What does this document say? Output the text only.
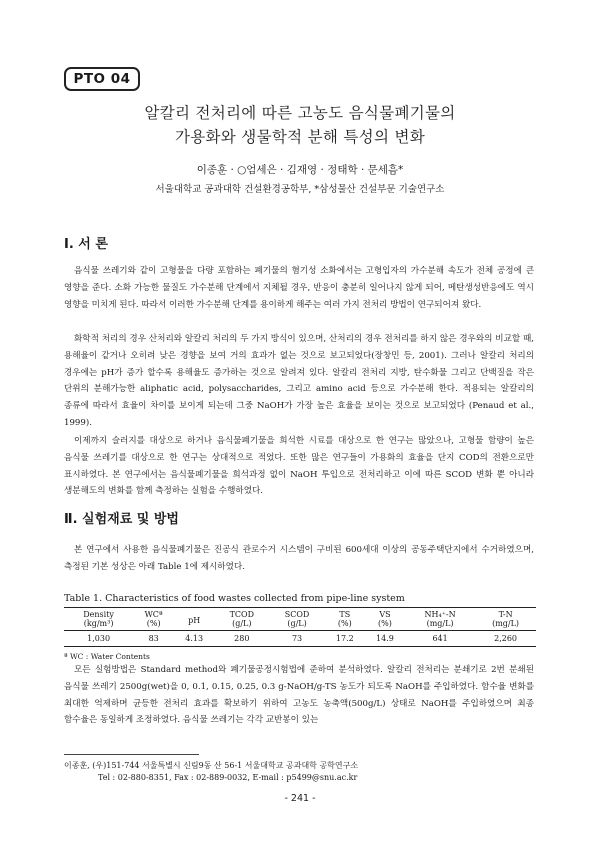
PTO 04
알칼리 전처리에 따른 고농도 음식물폐기물의
가용화와 생물학적 분해 특성의 변화
이종훈 · ○엄세은 · 김재영 · 정태학 · 문세흠*
서울대학교 공과대학 건설환경공학부, *삼성물산 건설부문 기술연구소
Ⅰ. 서 론

음식물 쓰레기와 같이 고형물을 다량 포함하는 폐기물의 혐기성 소화에서는 고형입자의 가수분해 속도가 전체 공정에 큰 영향을 준다. 소화 가능한 물질도 가수분해 단계에서 지체될 경우, 반응이 충분히 일어나지 않게 되어, 메탄생성반응에도 역시 영향을 미치게 된다. 따라서 이러한 가수분해 단계를 용이하게 해주는 여러 가지 전처리 방법이 연구되어져 왔다.

화학적 처리의 경우 산처리와 알칼리 처리의 두 가지 방식이 있으며, 산처리의 경우 전처리를 하지 않은 경우와의 비교할 때, 용해율이 같거나 오히려 낮은 경향을 보여 거의 효과가 없는 것으로 보고되었다(장창민 등, 2001). 그러나 알칼리 처리의 경우에는 pH가 증가 할수록 용해율도 증가하는 것으로 알려져 있다. 알칼리 전처리 지방, 탄수화물 그리고 단백질을 작은 단위의 분해가능한 aliphatic acid, polysaccharides, 그리고 amino acid 등으로 가수분해 한다. 적용되는 알칼리의 종류에 따라서 효율이 차이를 보이게 되는데 그중 NaOH가 가장 높은 효율을 보이는 것으로 보고되었다 (Penaud et al., 1999).

이제까지 슬러지를 대상으로 하거나 음식물폐기물을 희석한 시료를 대상으로 한 연구는 많았으나, 고형물 함량이 높은 음식물 쓰레기를 대상으로 한 연구는 상대적으로 적었다. 또한 많은 연구들이 가용화의 효율을 단지 COD의 전환으로만 표시하였다. 본 연구에서는 음식물폐기물을 희석과정 없이 NaOH 투입으로 전처리하고 이에 따른 SCOD 변화 뿐 아니라 생분해도의 변화를 함께 측정하는 실험을 수행하였다.

Ⅱ. 실험재료 및 방법

본 연구에서 사용한 음식물폐기물은 진공식 관로수거 시스템이 구비된 600세대 이상의 공동주택단지에서 수거하였으며, 측정된 기본 성상은 아래 Table 1에 제시하였다.

Table 1. Characteristics of food wastes collected from pipe-line system
Density	WCª	pH	TCOD	SCOD	TS	VS	NH₄⁺-N	T-N
(kg/m³)	(%)		(g/L)	(g/L)	(%)	(%)	(mg/L)	(mg/L)
1,030	83	4.13	280	73	17.2	14.9	641	2,260
ª WC : Water Contents

모든 실험방법은 Standard method와 폐기물공정시험법에 준하여 분석하였다. 알칼리 전처리는 분쇄기로 2번 분쇄된 음식물 쓰레기 2500g(wet)을 0, 0.1, 0.15, 0.25, 0.3 g-NaOH/g-TS 농도가 되도록 NaOH를 주입하였다. 함수율 변화를 최대한 억제하며 균등한 전처리 효과를 확보하기 위하여 고농도 농축액(500g/L) 상태로 NaOH를 주입하였으며 최종 함수율은 동일하게 조정하였다. 음식물 쓰레기는 각각 교반봉이 있는

이종훈, (우)151-744 서울특별시 신림9동 산 56-1 서울대학교 공과대학 공학연구소
Tel : 02-880-8351, Fax : 02-889-0032, E-mail : p5499@snu.ac.kr
- 241 -
